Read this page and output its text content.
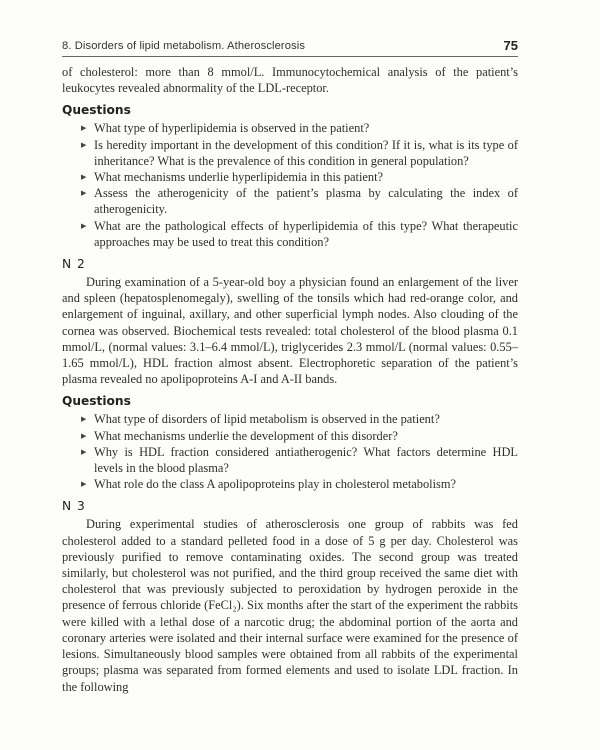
8. Disorders of lipid metabolism. Atherosclerosis	75

of cholesterol: more than 8 mmol/L. Immunocytochemical analysis of the patient’s leukocytes revealed abnormality of the LDL-receptor.

Questions
▶ What type of hyperlipidemia is observed in the patient?
▶ Is heredity important in the development of this condition? If it is, what is its type of inheritance? What is the prevalence of this condition in general population?
▶ What mechanisms underlie hyperlipidemia in this patient?
▶ Assess the atherogenicity of the patient’s plasma by calculating the index of atherogenicity.
▶ What are the pathological effects of hyperlipidemia of this type? What therapeutic approaches may be used to treat this condition?
N 2

During examination of a 5-year-old boy a physician found an enlargement of the liver and spleen (hepatosplenomegaly), swelling of the tonsils which had red-orange color, and enlargement of inguinal, axillary, and other superficial lymph nodes. Also clouding of the cornea was observed. Biochemical tests revealed: total cholesterol of the blood plasma 0.1 mmol/L, (normal values: 3.1–6.4 mmol/L), triglycerides 2.3 mmol/L (normal values: 0.55–1.65 mmol/L), HDL fraction almost absent. Electrophoretic separation of the patient’s plasma revealed no apolipoproteins A-I and A-II bands.

Questions
▶ What type of disorders of lipid metabolism is observed in the patient?
▶ What mechanisms underlie the development of this disorder?
▶ Why is HDL fraction considered antiatherogenic? What factors determine HDL levels in the blood plasma?
▶ What role do the class A apolipoproteins play in cholesterol metabolism?
N 3

During experimental studies of atherosclerosis one group of rabbits was fed cholesterol added to a standard pelleted food in a dose of 5 g per day. Cholesterol was previously purified to remove contaminating oxides. The second group was treated similarly, but cholesterol was not purified, and the third group received the same diet with cholesterol that was previously subjected to peroxidation by hydrogen peroxide in the presence of ferrous chloride (FeCl₂). Six months after the start of the experiment the rabbits were killed with a lethal dose of a narcotic drug; the abdominal portion of the aorta and coronary arteries were isolated and their internal surface were examined for the presence of lesions. Simultaneously blood samples were obtained from all rabbits of the experimental groups; plasma was separated from formed elements and used to isolate LDL fraction. In the following
